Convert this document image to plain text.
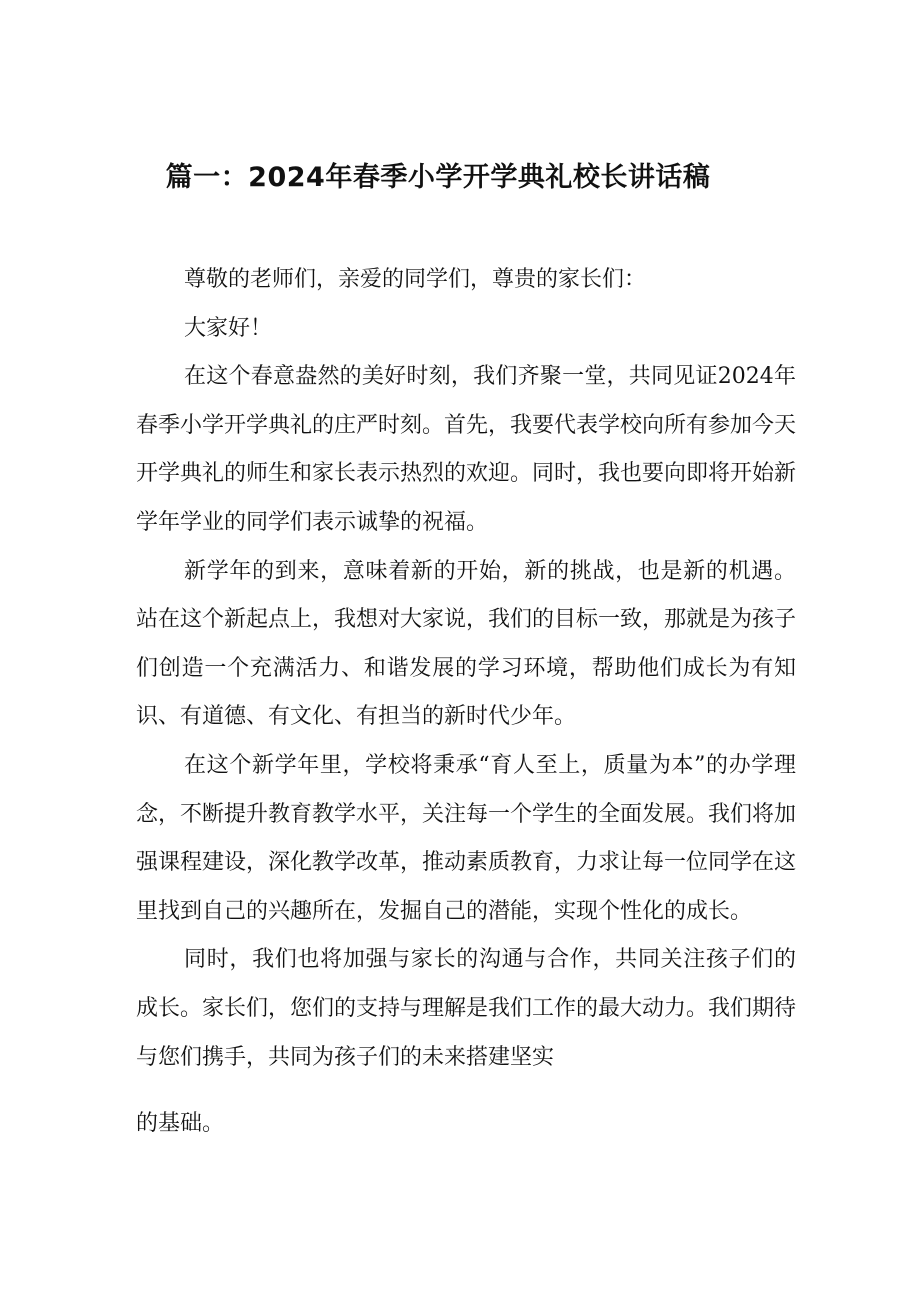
篇一：2024年春季小学开学典礼校长讲话稿

尊敬的老师们，亲爱的同学们，尊贵的家长们：

大家好！

在这个春意盎然的美好时刻，我们齐聚一堂，共同见证2024年春季小学开学典礼的庄严时刻。首先，我要代表学校向所有参加今天开学典礼的师生和家长表示热烈的欢迎。同时，我也要向即将开始新学年学业的同学们表示诚挚的祝福。

新学年的到来，意味着新的开始，新的挑战，也是新的机遇。站在这个新起点上，我想对大家说，我们的目标一致，那就是为孩子们创造一个充满活力、和谐发展的学习环境，帮助他们成长为有知识、有道德、有文化、有担当的新时代少年。

在这个新学年里，学校将秉承“育人至上，质量为本”的办学理念，不断提升教育教学水平，关注每一个学生的全面发展。我们将加强课程建设，深化教学改革，推动素质教育，力求让每一位同学在这里找到自己的兴趣所在，发掘自己的潜能，实现个性化的成长。

同时，我们也将加强与家长的沟通与合作，共同关注孩子们的成长。家长们，您们的支持与理解是我们工作的最大动力。我们期待与您们携手，共同为孩子们的未来搭建坚实

的基础。
